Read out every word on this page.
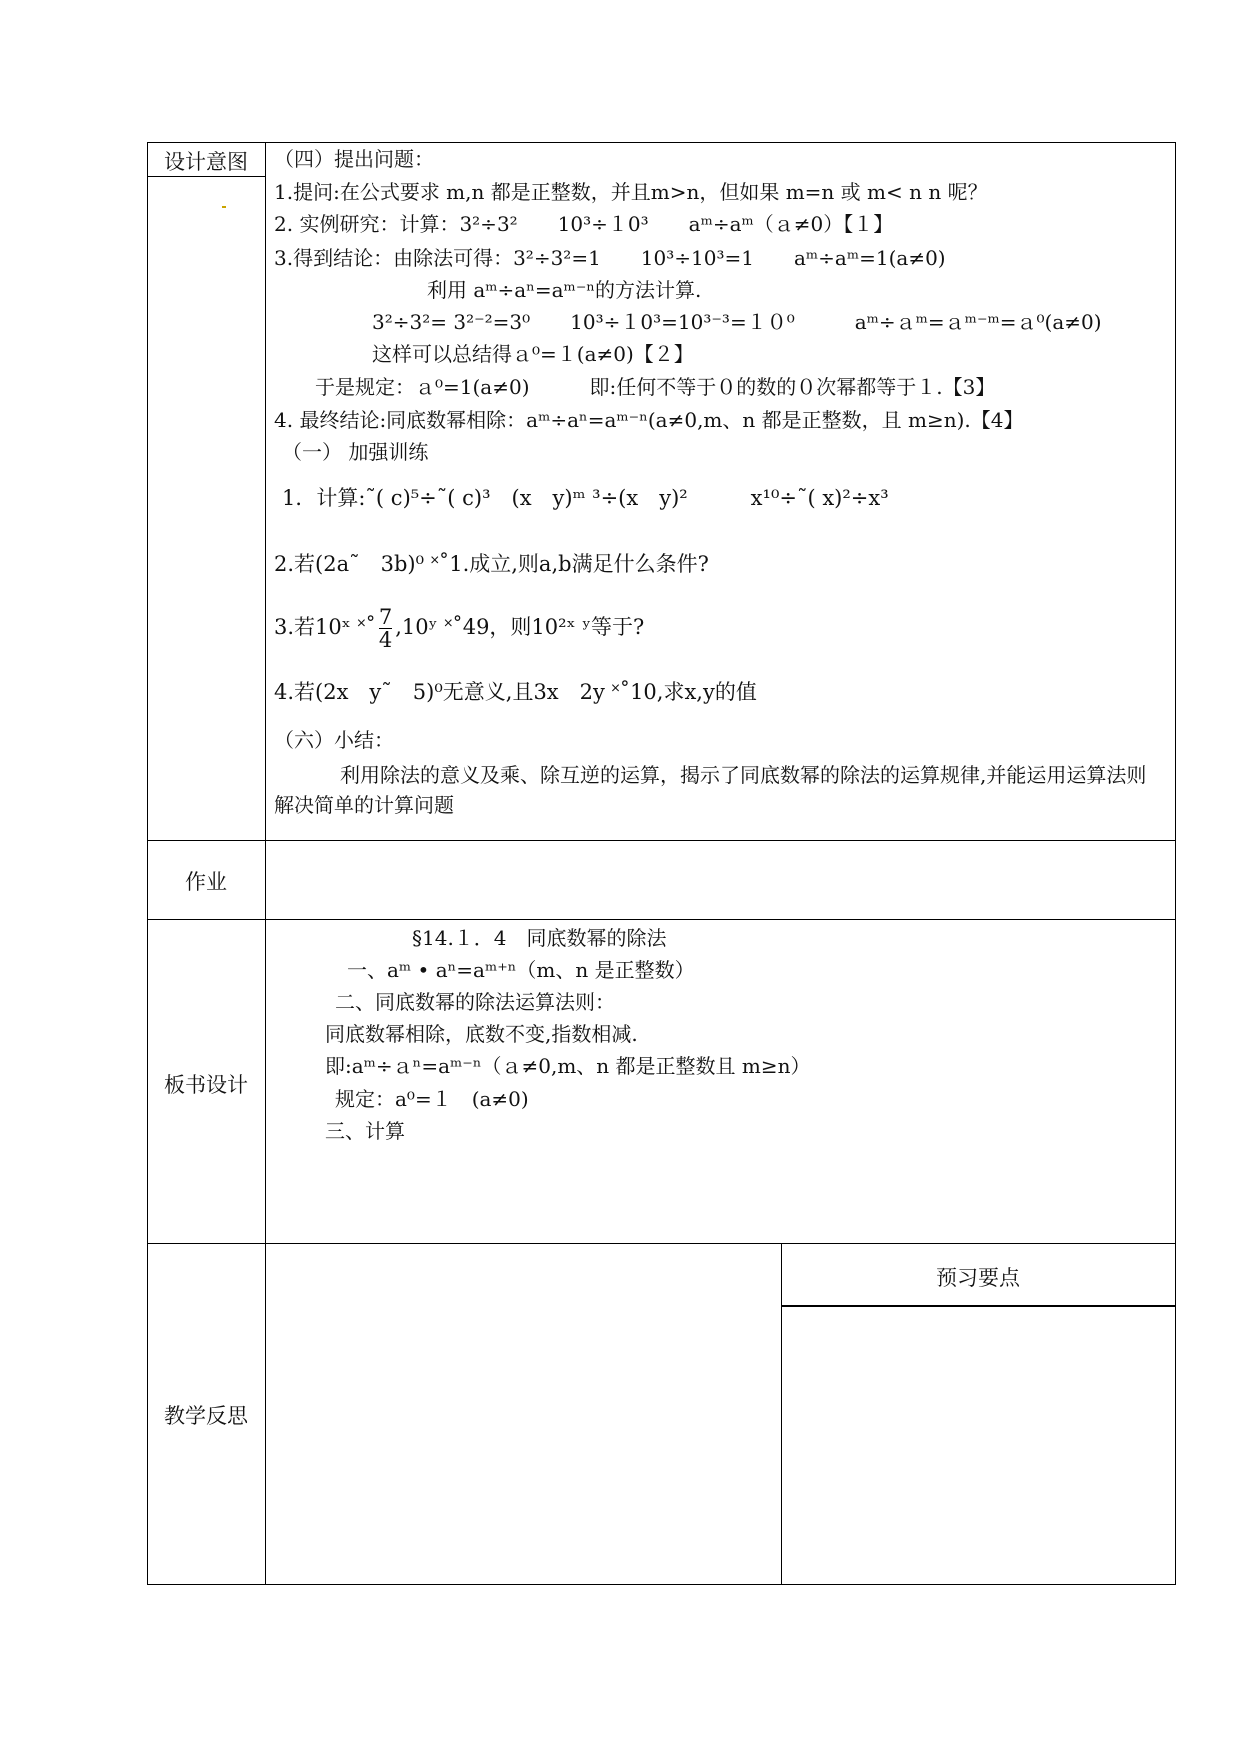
设计意图
作业
板书设计
教学反思
预习要点
（四）提出问题：
1.提问:在公式要求 m,n 都是正整数，并且m>n，但如果 m=n 或 m< n n 呢？
2. 实例研究：计算：3²÷3²　　10³÷１0³　　aᵐ÷aᵐ（ａ≠0）【１】
3.得到结论：由除法可得：3²÷3²=1　　10³÷10³=1　　aᵐ÷aᵐ=1(a≠0)
利用 aᵐ÷aⁿ=aᵐ⁻ⁿ的方法计算.
3²÷3²= 3²⁻²=3⁰　　10³÷１0³=10³⁻³=１０⁰　　　aᵐ÷ａᵐ=ａᵐ⁻ᵐ=ａ⁰(a≠0)
这样可以总结得ａ⁰=１(a≠0)【２】
于是规定：ａ⁰=1(a≠0)　　　即:任何不等于０的数的０次幂都等于１.【3】
4. 最终结论:同底数幂相除：aᵐ÷aⁿ=aᵐ⁻ⁿ(a≠0,m、n 都是正整数，且 m≥n).【4】
（一） 加强训练
1．计算:˜( c)⁵÷˜( c)³　(x　y)ᵐ ³÷(x　y)²　　　x¹⁰÷˜( x)²÷x³
2.若(2a˜　3b)⁰ ˟˚1.成立,则a,b满足什么条件?
3.若10ˣ ˟˚ $\frac{7}{4}$ ,10ʸ ˟˚49，则10²ˣ ʸ等于?
4.若(2x　y˜　5)⁰无意义,且3x　2y ˟˚10,求x,y的值
（六）小结：
利用除法的意义及乘、除互逆的运算，揭示了同底数幂的除法的运算规律,并能运用运算法则解决简单的计算问题
§14.１．4　同底数幂的除法
一、aᵐ • aⁿ=aᵐ⁺ⁿ（m、n 是正整数）
二、同底数幂的除法运算法则：
同底数幂相除，底数不变,指数相减.
即:aᵐ÷ａⁿ=aᵐ⁻ⁿ（ａ≠0,m、n 都是正整数且 m≥n）
规定：a⁰=１　(a≠0)
三、计算
